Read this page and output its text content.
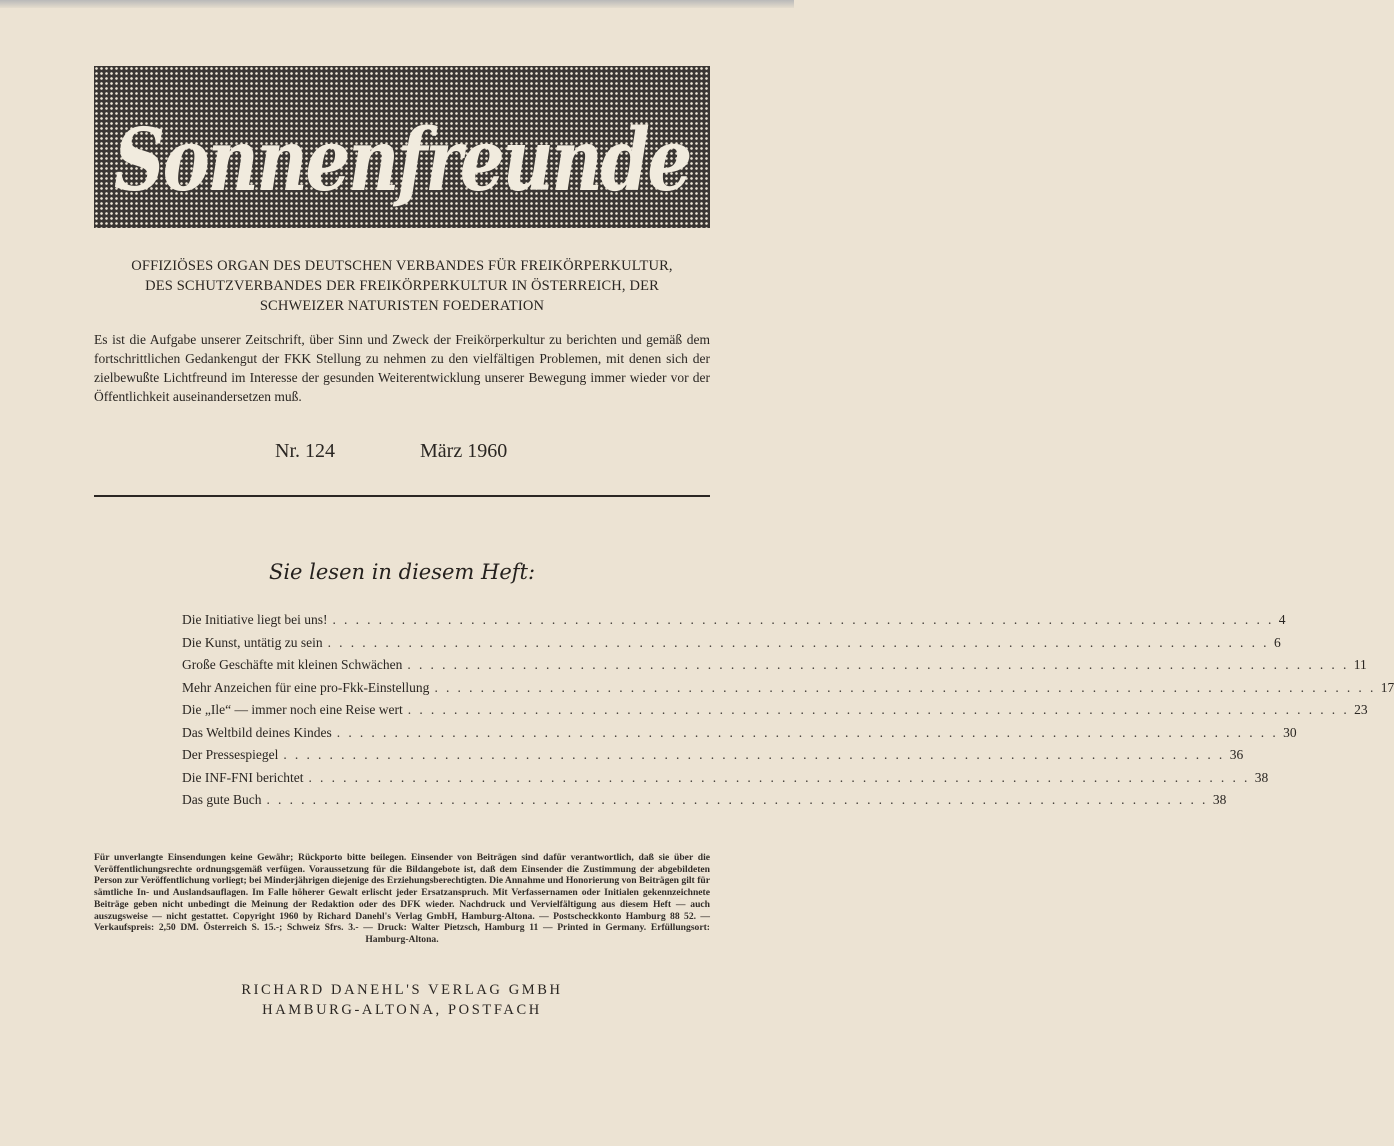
Sonnenfreunde
OFFIZIÖSES ORGAN DES DEUTSCHEN VERBANDES FÜR FREIKÖRPERKULTUR,
DES SCHUTZVERBANDES DER FREIKÖRPERKULTUR IN ÖSTERREICH, DER
SCHWEIZER NATURISTEN FOEDERATION
Es ist die Aufgabe unserer Zeitschrift, über Sinn und Zweck der Freikörperkultur zu berichten und gemäß dem fortschrittlichen Gedankengut der FKK Stellung zu nehmen zu den vielfältigen Problemen, mit denen sich der zielbewußte Lichtfreund im Interesse der gesunden Weiterentwicklung unserer Bewegung immer wieder vor der Öffentlichkeit auseinandersetzen muß.
Nr. 124	März 1960
Sie lesen in diesem Heft:
Die Initiative liegt bei uns! . . .	4
Die Kunst, untätig zu sein . . .	6
Große Geschäfte mit kleinen Schwächen . . .	11
Mehr Anzeichen für eine pro-Fkk-Einstellung . . .	17
Die „Ile“ — immer noch eine Reise wert . . .	23
Das Weltbild deines Kindes . . .	30
Der Pressespiegel . . .	36
Die INF-FNI berichtet . . .	38
Das gute Buch . . .	38
Für unverlangte Einsendungen keine Gewähr; Rückporto bitte beilegen. Einsender von Beiträgen sind dafür verantwortlich, daß sie über die Veröffentlichungsrechte ordnungsgemäß verfügen. Voraussetzung für die Bildangebote ist, daß dem Einsender die Zustimmung der abgebildeten Person zur Veröffentlichung vorliegt; bei Minderjährigen diejenige des Erziehungsberechtigten. Die Annahme und Honorierung von Beiträgen gilt für sämtliche In- und Auslandsauflagen. Im Falle höherer Gewalt erlischt jeder Ersatzanspruch. Mit Verfassernamen oder Initialen gekennzeichnete Beiträge geben nicht unbedingt die Meinung der Redaktion oder des DFK wieder. Nachdruck und Vervielfältigung aus diesem Heft — auch auszugsweise — nicht gestattet. Copyright 1960 by Richard Danehl's Verlag GmbH, Hamburg-Altona. — Postscheckkonto Hamburg 88 52. — Verkaufspreis: 2,50 DM. Österreich S. 15.-; Schweiz Sfrs. 3.- — Druck: Walter Pietzsch, Hamburg 11 — Printed in Germany. Erfüllungsort: Hamburg-Altona.
RICHARD DANEHL'S VERLAG GMBH
HAMBURG-ALTONA, POSTFACH
